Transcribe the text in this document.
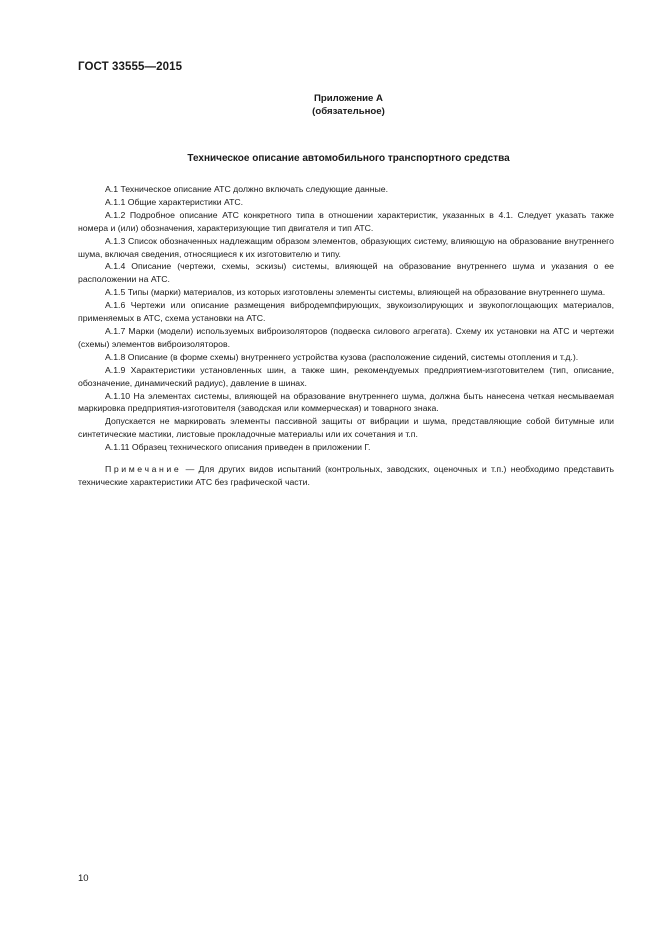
ГОСТ 33555—2015
Приложение А
(обязательное)
Техническое описание автомобильного транспортного средства

А.1 Техническое описание АТС должно включать следующие данные.

А.1.1 Общие характеристики АТС.

А.1.2 Подробное описание АТС конкретного типа в отношении характеристик, указанных в 4.1. Следует указать также номера и (или) обозначения, характеризующие тип двигателя и тип АТС.

А.1.3 Список обозначенных надлежащим образом элементов, образующих систему, влияющую на образование внутреннего шума, включая сведения, относящиеся к их изготовителю и типу.

А.1.4 Описание (чертежи, схемы, эскизы) системы, влияющей на образование внутреннего шума и указания о ее расположении на АТС.

А.1.5 Типы (марки) материалов, из которых изготовлены элементы системы, влияющей на образование внутреннего шума.

А.1.6 Чертежи или описание размещения вибродемпфирующих, звукоизолирующих и звукопоглощающих материалов, применяемых в АТС, схема установки на АТС.

А.1.7 Марки (модели) используемых виброизоляторов (подвеска силового агрегата). Схему их установки на АТС и чертежи (схемы) элементов виброизоляторов.

А.1.8 Описание (в форме схемы) внутреннего устройства кузова (расположение сидений, системы отопления и т.д.).

А.1.9 Характеристики установленных шин, а также шин, рекомендуемых предприятием-изготовителем (тип, описание, обозначение, динамический радиус), давление в шинах.

А.1.10 На элементах системы, влияющей на образование внутреннего шума, должна быть нанесена четкая несмываемая маркировка предприятия-изготовителя (заводская или коммерческая) и товарного знака.

Допускается не маркировать элементы пассивной защиты от вибрации и шума, представляющие собой битумные или синтетические мастики, листовые прокладочные материалы или их сочетания и т.п.

А.1.11 Образец технического описания приведен в приложении Г.

Примечание — Для других видов испытаний (контрольных, заводских, оценочных и т.п.) необходимо представить технические характеристики АТС без графической части.

10
